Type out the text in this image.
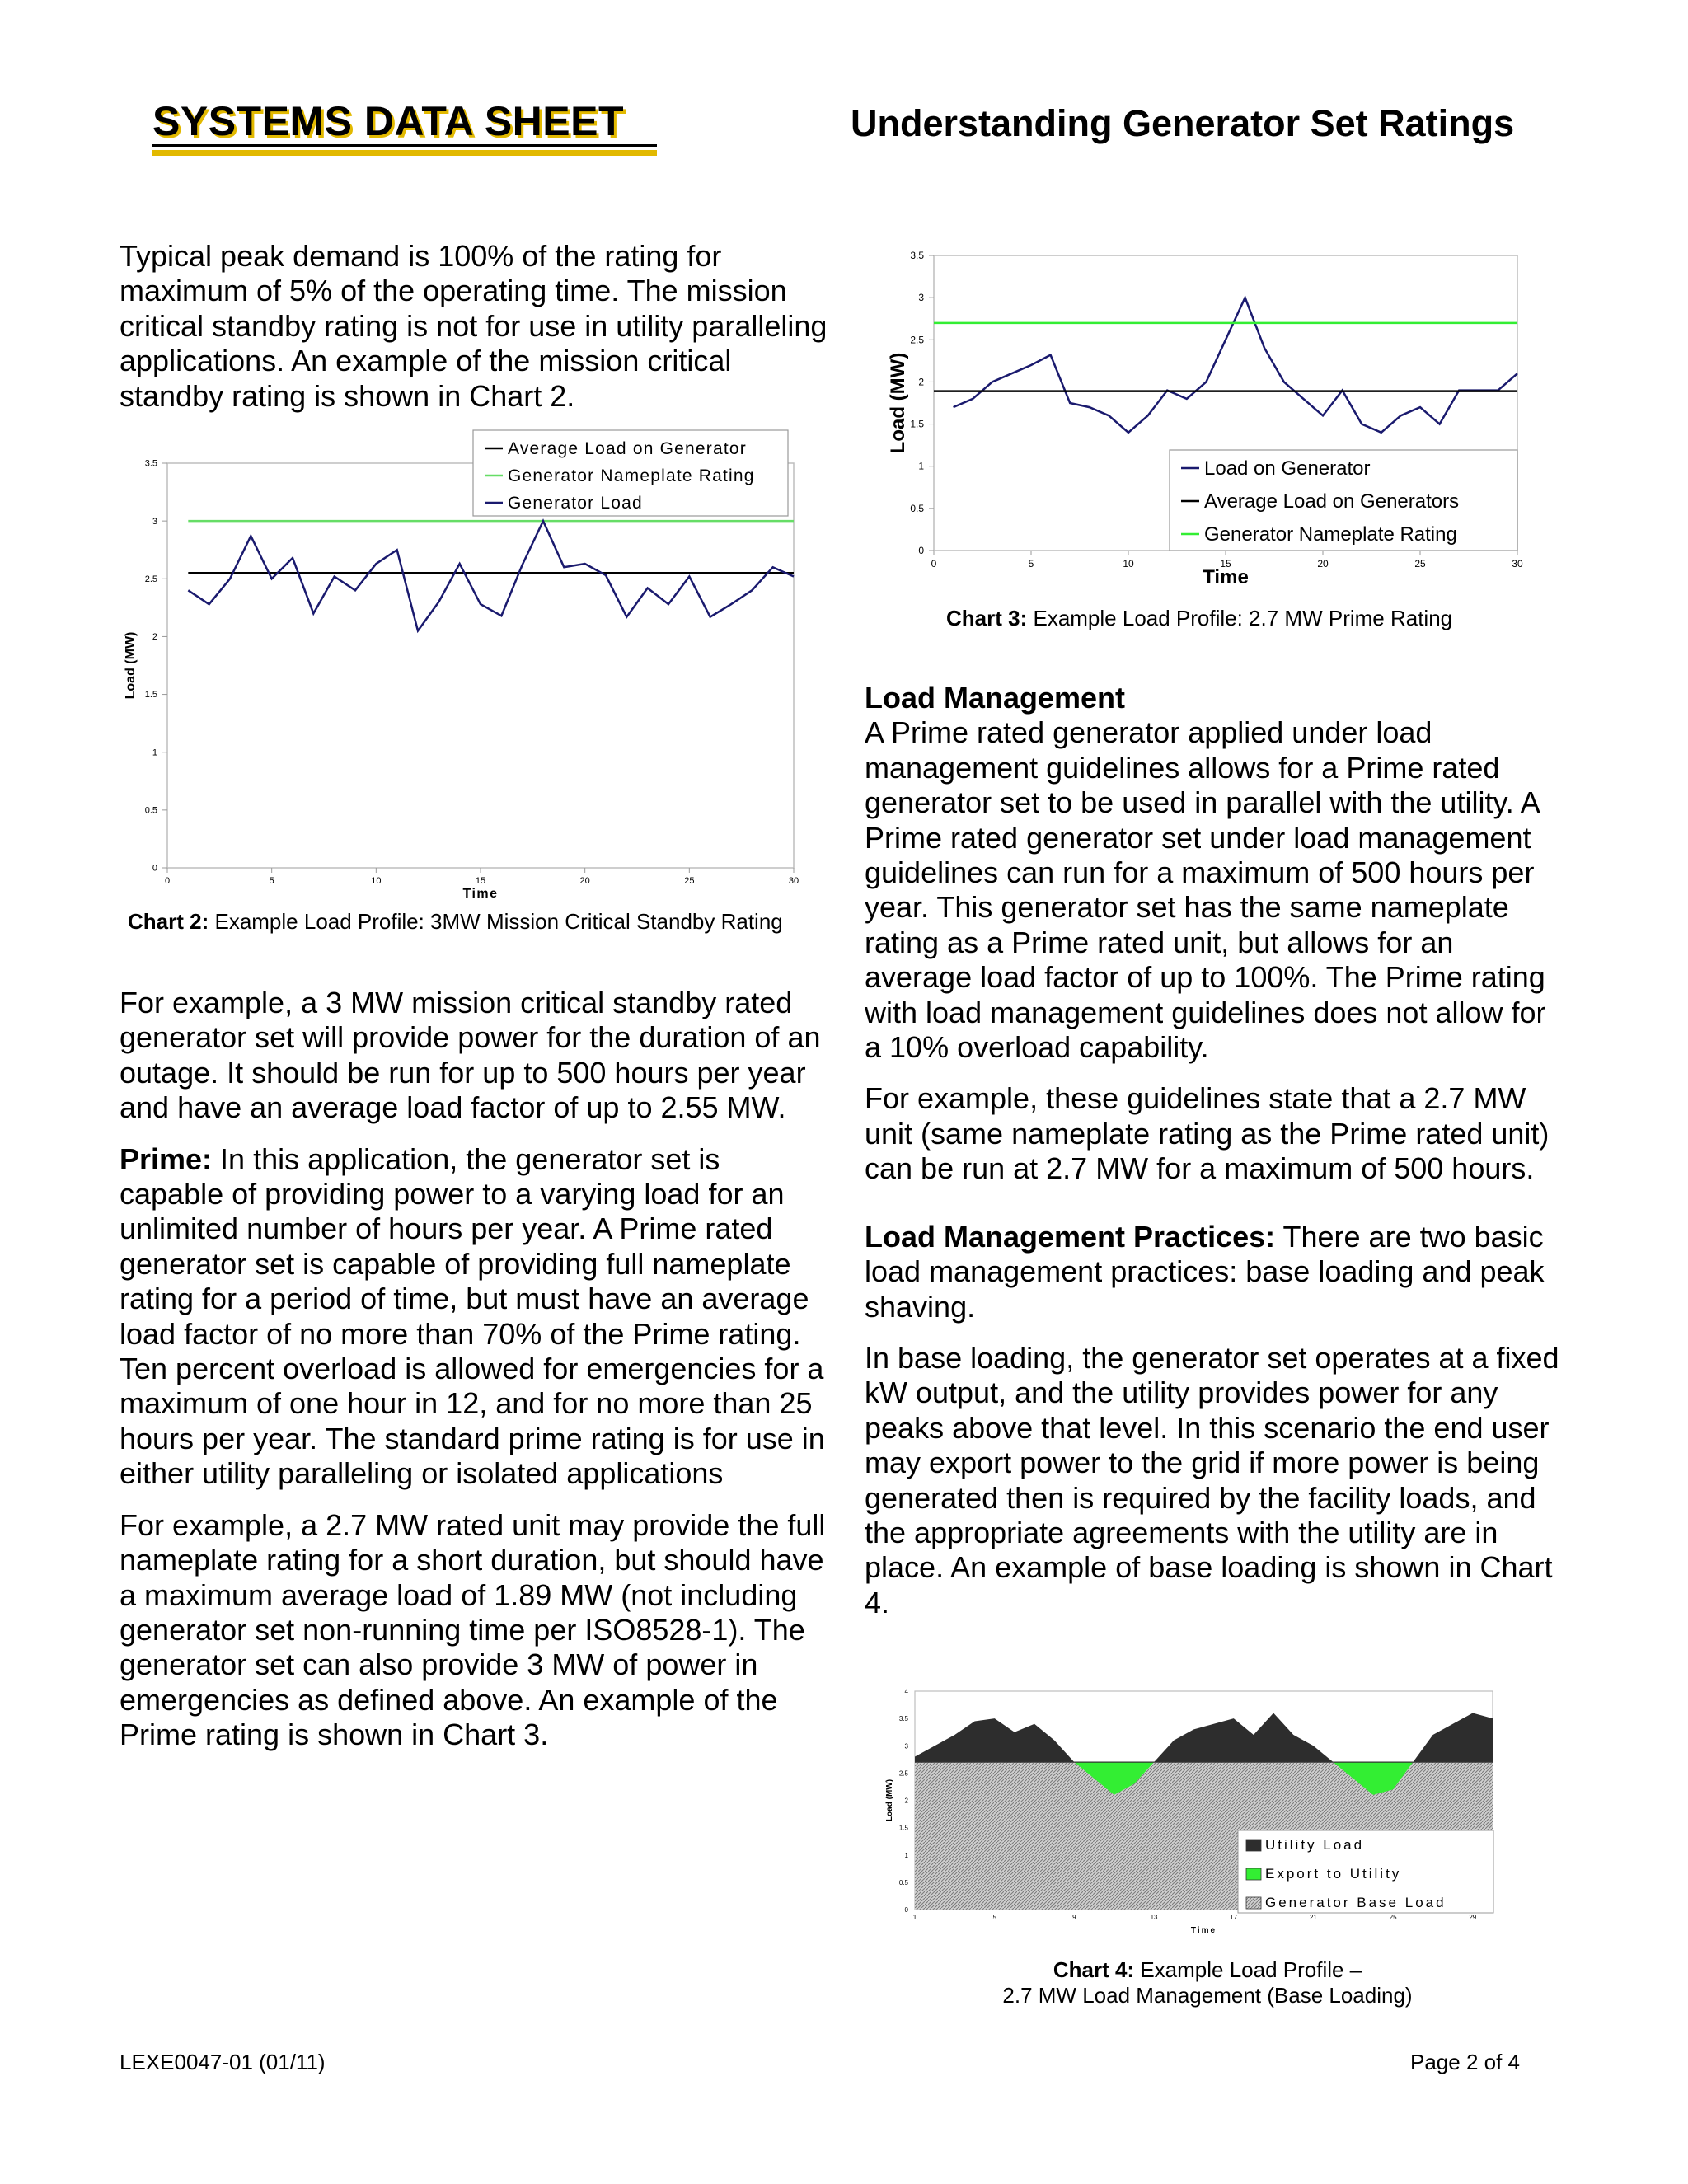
SYSTEMS DATA SHEET	Understanding Generator Set Ratings

Typical peak demand is 100% of the rating for maximum of 5% of the operating time. The mission critical standby rating is not for use in utility paralleling applications. An example of the mission critical standby rating is shown in Chart 2.

For example, a 3 MW mission critical standby rated generator set will provide power for the duration of an outage. It should be run for up to 500 hours per year and have an average load factor of up to 2.55 MW.

Prime: In this application, the generator set is capable of providing power to a varying load for an unlimited number of hours per year. A Prime rated generator set is capable of providing full nameplate rating for a period of time, but must have an average load factor of no more than 70% of the Prime rating. Ten percent overload is allowed for emergencies for a maximum of one hour in 12, and for no more than 25 hours per year. The standard prime rating is for use in either utility paralleling or isolated applications

For example, a 2.7 MW rated unit may provide the full nameplate rating for a short duration, but should have a maximum average load of 1.89 MW (not including generator set non-running time per ISO8528-1). The generator set can also provide 3 MW of power in emergencies as defined above. An example of the Prime rating is shown in Chart 3.

Load Management

A Prime rated generator applied under load management guidelines allows for a Prime rated generator set to be used in parallel with the utility. A Prime rated generator set under load management guidelines can run for a maximum of 500 hours per year. This generator set has the same nameplate rating as a Prime rated unit, but allows for an average load factor of up to 100%. The Prime rating with load management guidelines does not allow for a 10% overload capability.

For example, these guidelines state that a 2.7 MW unit (same nameplate rating as the Prime rated unit) can be run at 2.7 MW for a maximum of 500 hours.

Load Management Practices: There are two basic load management practices: base loading and peak shaving.

In base loading, the generator set operates at a fixed kW output, and the utility provides power for any peaks above that level. In this scenario the end user may export power to the grid if more power is being generated then is required by the facility loads, and the appropriate agreements with the utility are in place. An example of base loading is shown in Chart 4.

0
0.5
1
1.5
2
2.5
3
3.5
0	5	10	15	20	25	30
Time
Load (MW)
Average Load on Generator
Generator Nameplate Rating
Generator Load
Chart 2: Example Load Profile: 3MW Mission Critical Standby Rating
0
0.5
1
1.5
2
2.5
3
3.5
0	5	10	15	20	25	30
Time
Load (MW)
Load on Generator
Average Load on Generators
Generator Nameplate Rating
Chart 3: Example Load Profile: 2.7 MW Prime Rating
0
0.5
1
1.5
2
2.5
3
3.5
4
1	5	9	13	17	21	25	29
Time
Load (MW)
Utility Load
Export to Utility
Generator Base Load
Chart 4: Example Load Profile –
2.7 MW Load Management (Base Loading)
LEXE0047-01 (01/11)	Page 2 of 4
